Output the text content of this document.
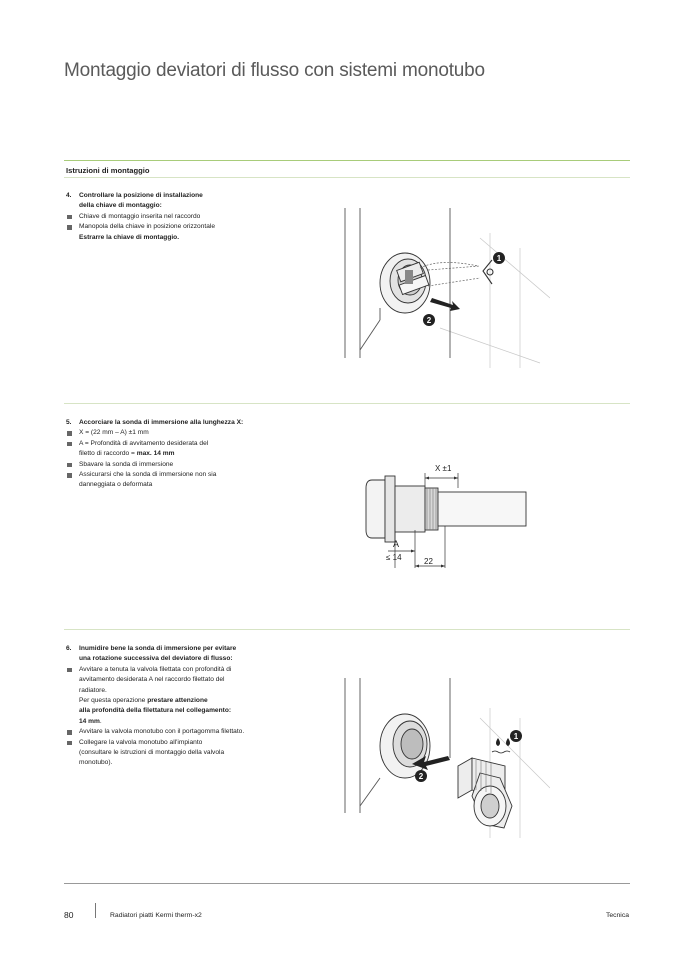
Montaggio deviatori di flusso con sistemi monotubo
Istruzioni di montaggio
4. Controllare la posizione di installazione
della chiave di montaggio:
Chiave di montaggio inserita nel raccordo
Manopola della chiave in posizione orizzontale
Estrarre la chiave di montaggio.
1
2
5. Accorciare la sonda di immersione alla lunghezza X:
X = (22 mm – A) ±1 mm
A = Profondità di avvitamento desiderata del
filetto di raccordo = max. 14 mm
Sbavare la sonda di immersione
Assicurarsi che la sonda di immersione non sia
danneggiata o deformata
X ±1
A
≤ 14	22
6. Inumidire bene la sonda di immersione per evitare
una rotazione successiva del deviatore di flusso:
Avvitare a tenuta la valvola filettata con profondità di
avvitamento desiderata A nel raccordo filettato del
radiatore.
Per questa operazione prestare attenzione
alla profondità della filettatura nel collegamento:
14 mm.
Avvitare la valvola monotubo con il portagomma filettato.
Collegare la valvola monotubo all'impianto
(consultare le istruzioni di montaggio della valvola
monotubo).
2
1
80	Radiatori piatti Kermi therm-x2	Tecnica
